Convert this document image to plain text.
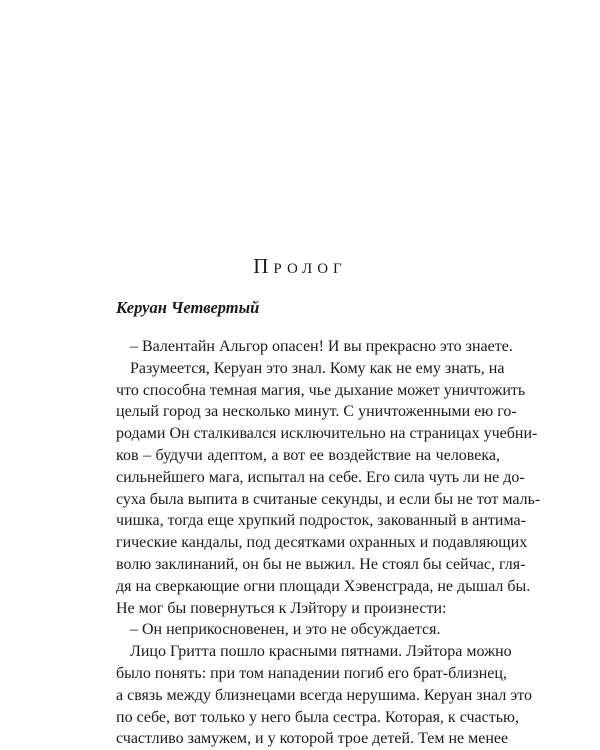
Пролог
Керуан Четвертый
– Валентайн Альгор опасен! И вы прекрасно это знаете.
Разумеется, Керуан это знал. Кому как не ему знать, на
что способна темная магия, чье дыхание может уничтожить
целый город за несколько минут. С уничтоженными ею го-
родами Он сталкивался исключительно на страницах учебни-
ков – будучи адептом, а вот ее воздействие на человека,
сильнейшего мага, испытал на себе. Его сила чуть ли не до-
суха была выпита в считаные секунды, и если бы не тот маль-
чишка, тогда еще хрупкий подросток, закованный в антима-
гические кандалы, под десятками охранных и подавляющих
волю заклинаний, он бы не выжил. Не стоял бы сейчас, гля-
дя на сверкающие огни площади Хэвенсграда, не дышал бы.
Не мог бы повернуться к Лэйтору и произнести:
– Он неприкосновенен, и это не обсуждается.
Лицо Гритта пошло красными пятнами. Лэйтора можно
было понять: при том нападении погиб его брат-близнец,
а связь между близнецами всегда нерушима. Керуан знал это
по себе, вот только у него была сестра. Которая, к счастью,
счастливо замужем, и у которой трое детей. Тем не менее
